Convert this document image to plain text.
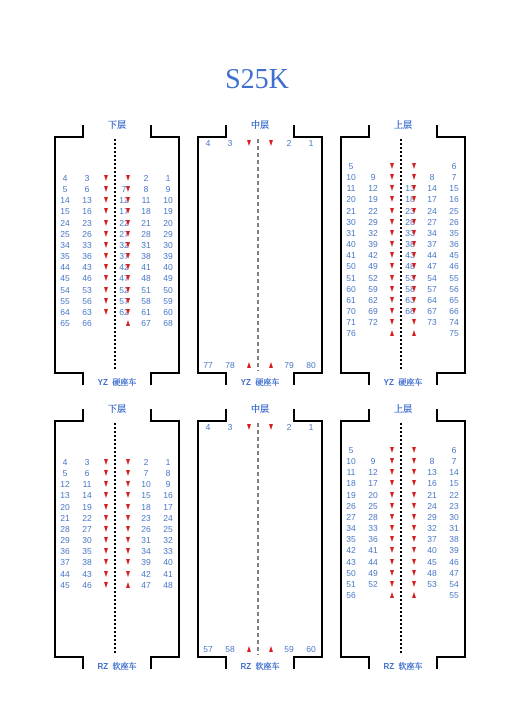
S25K
下层
YZ  硬座车
4	3	2	1
5	6	7	8	9
14 13	12	11	10
15 16	17 18 19
24 23	22 21 20
25 26	27 28 29
34 33	32 31 30
35 36	37 38 39
44 43	42 41 40
45 46	47 48 49
54 53	52 51 50
55 56	57 58 59
64 63	62 61 60
65 66	67 68
中层
YZ  硬座车
4	3	2	1
77 78	79 80
上层
YZ  硬座车
5	6
10	9	8	7
11	12	13 14 15
20 19	18 17 16
21 22	23 24 25
30 29	28 27 26
31 32	33 34 35
40 39	38 37 36
41 42	43 44 45
50 49	48 47 46
51 52	53 54 55
60 59	58 57 56
61 62	63 64 65
70 69	68 67 66
71 72	73 74
76	75
下层
RZ  软座车
4	3	2	1
5	6	7	8
12	11	10	9
13 14	15 16
20 19	18 17
21 22	23 24
28 27	26 25
29 30	31 32
36 35	34 33
37 38	39 40
44 43	42 41
45 46	47 48
中层
RZ  软座车
4	3	2	1
57 58	59 60
上层
RZ  软座车
5	6
10	9	8	7
11	12	13 14
18 17	16 15
19 20	21 22
26 25	24 23
27 28	29 30
34 33	32 31
35 36	37 38
42 41	40 39
43 44	45 46
50 49	48 47
51 52	53 54
56	55
